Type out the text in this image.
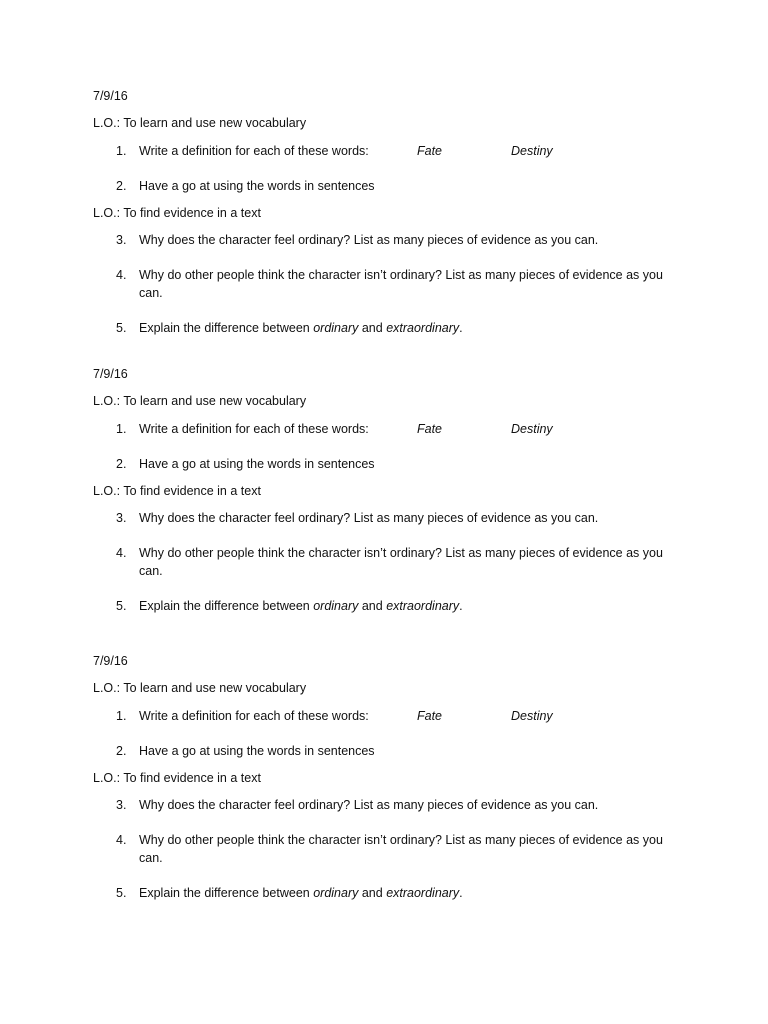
7/9/16
L.O.: To learn and use new vocabulary
1.	Write a definition for each of these words:	Fate	Destiny
2.	Have a go at using the words in sentences
L.O.: To find evidence in a text
3.	Why does the character feel ordinary? List as many pieces of evidence as you can.
4.	Why do other people think the character isn’t ordinary? List as many pieces of evidence as you can.
5.	Explain the difference between ordinary and extraordinary.
7/9/16
L.O.: To learn and use new vocabulary
1.	Write a definition for each of these words:	Fate	Destiny
2.	Have a go at using the words in sentences
L.O.: To find evidence in a text
3.	Why does the character feel ordinary? List as many pieces of evidence as you can.
4.	Why do other people think the character isn’t ordinary? List as many pieces of evidence as you can.
5.	Explain the difference between ordinary and extraordinary.
7/9/16
L.O.: To learn and use new vocabulary
1.	Write a definition for each of these words:	Fate	Destiny
2.	Have a go at using the words in sentences
L.O.: To find evidence in a text
3.	Why does the character feel ordinary? List as many pieces of evidence as you can.
4.	Why do other people think the character isn’t ordinary? List as many pieces of evidence as you can.
5.	Explain the difference between ordinary and extraordinary.
